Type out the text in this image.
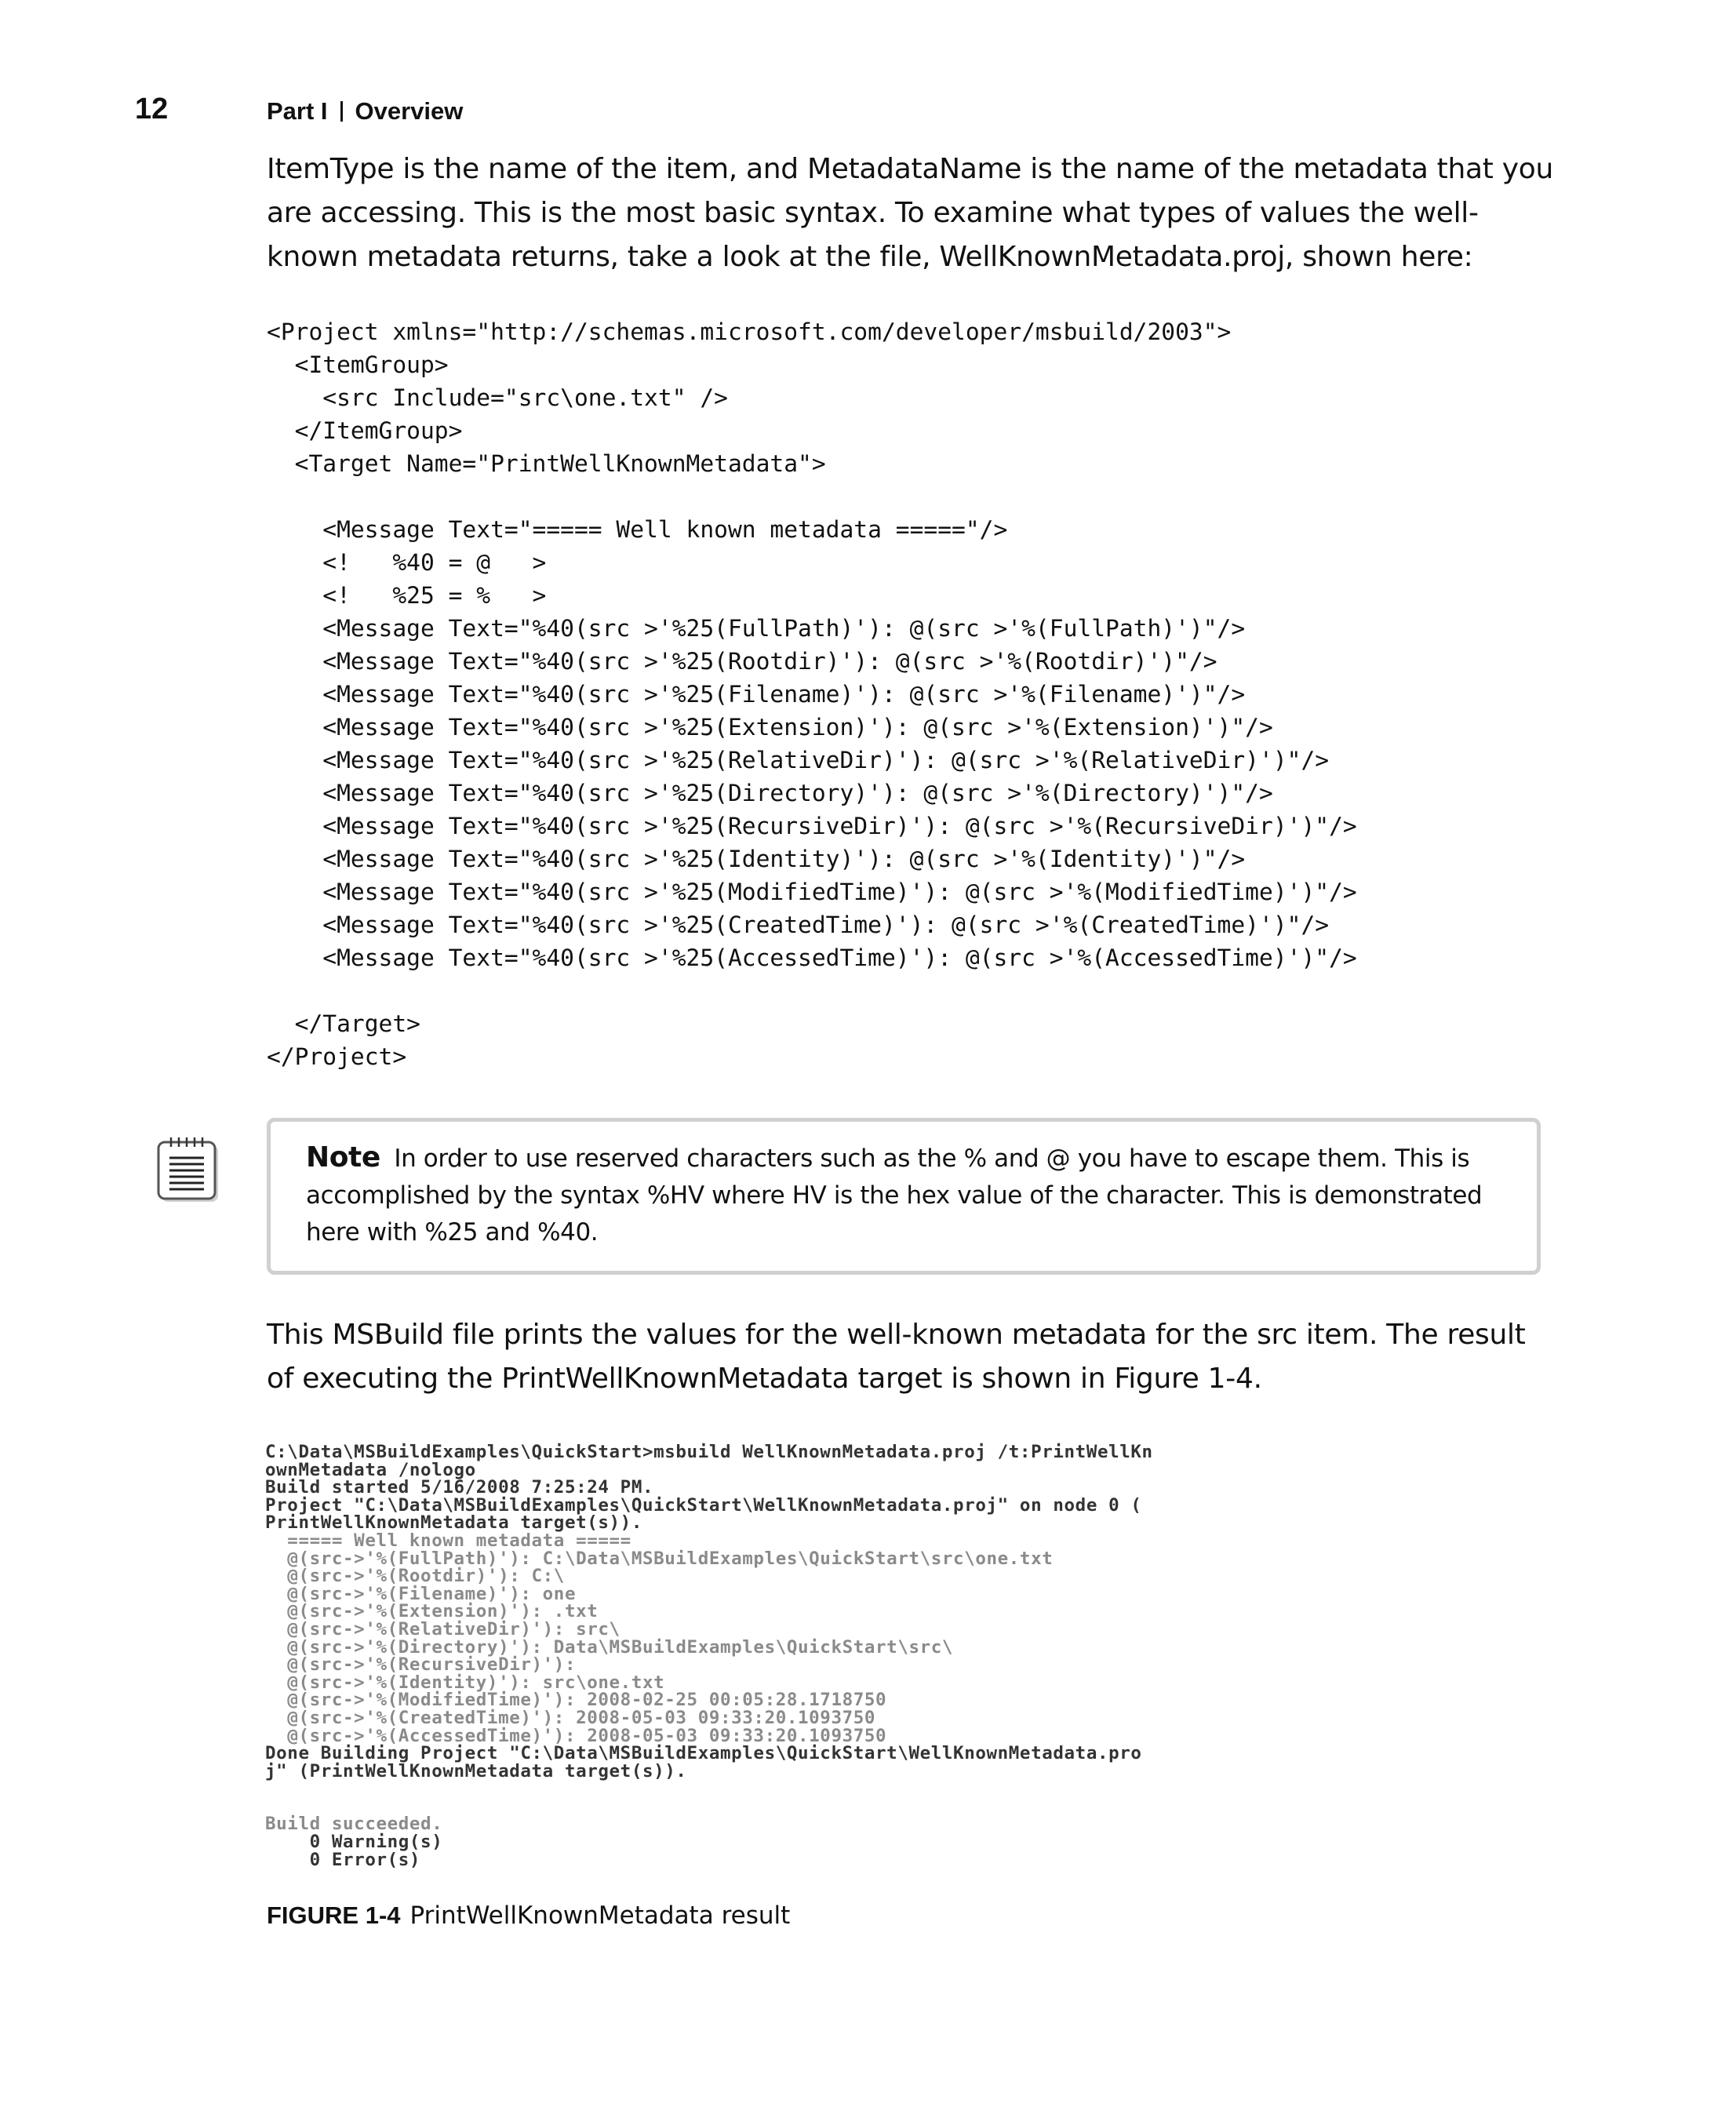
12	Part I Overview

ItemType is the name of the item, and MetadataName is the name of the metadata that you are accessing. This is the most basic syntax. To examine what types of values the well-known metadata returns, take a look at the file, WellKnownMetadata.proj, shown here:

<Project xmlns="http://schemas.microsoft.com/developer/msbuild/2003">
<ItemGroup>
<src Include="src\one.txt" />
</ItemGroup>
<Target Name="PrintWellKnownMetadata">
<Message Text="===== Well known metadata ====="/>
<!   %40 = @   >
<!   %25 = %   >
<Message Text="%40(src >'%25(FullPath)'): @(src >'%(FullPath)')"/>
<Message Text="%40(src >'%25(Rootdir)'): @(src >'%(Rootdir)')"/>
<Message Text="%40(src >'%25(Filename)'): @(src >'%(Filename)')"/>
<Message Text="%40(src >'%25(Extension)'): @(src >'%(Extension)')"/>
<Message Text="%40(src >'%25(RelativeDir)'): @(src >'%(RelativeDir)')"/>
<Message Text="%40(src >'%25(Directory)'): @(src >'%(Directory)')"/>
<Message Text="%40(src >'%25(RecursiveDir)'): @(src >'%(RecursiveDir)')"/>
<Message Text="%40(src >'%25(Identity)'): @(src >'%(Identity)')"/>
<Message Text="%40(src >'%25(ModifiedTime)'): @(src >'%(ModifiedTime)')"/>
<Message Text="%40(src >'%25(CreatedTime)'): @(src >'%(CreatedTime)')"/>
<Message Text="%40(src >'%25(AccessedTime)'): @(src >'%(AccessedTime)')"/>
</Target>
</Project>

Note In order to use reserved characters such as the % and @ you have to escape them. This is accomplished by the syntax %HV where HV is the hex value of the character. This is demonstrated here with %25 and %40.

This MSBuild file prints the values for the well-known metadata for the src item. The result of executing the PrintWellKnownMetadata target is shown in Figure 1-4.

C:\Data\MSBuildExamples\QuickStart>msbuild WellKnownMetadata.proj /t:PrintWellKn
ownMetadata /nologo
Build started 5/16/2008 7:25:24 PM.
Project "C:\Data\MSBuildExamples\QuickStart\WellKnownMetadata.proj" on node 0 (
PrintWellKnownMetadata target(s)).
===== Well known metadata =====
@(src->'%(FullPath)'): C:\Data\MSBuildExamples\QuickStart\src\one.txt
@(src->'%(Rootdir)'): C:\
@(src->'%(Filename)'): one
@(src->'%(Extension)'): .txt
@(src->'%(RelativeDir)'): src\
@(src->'%(Directory)'): Data\MSBuildExamples\QuickStart\src\
@(src->'%(RecursiveDir)'):
@(src->'%(Identity)'): src\one.txt
@(src->'%(ModifiedTime)'): 2008-02-25 00:05:28.1718750
@(src->'%(CreatedTime)'): 2008-05-03 09:33:20.1093750
@(src->'%(AccessedTime)'): 2008-05-03 09:33:20.1093750
Done Building Project "C:\Data\MSBuildExamples\QuickStart\WellKnownMetadata.pro
j" (PrintWellKnownMetadata target(s)).
Build succeeded.
0 Warning(s)
0 Error(s)

FIGURE 1-4 PrintWellKnownMetadata result
